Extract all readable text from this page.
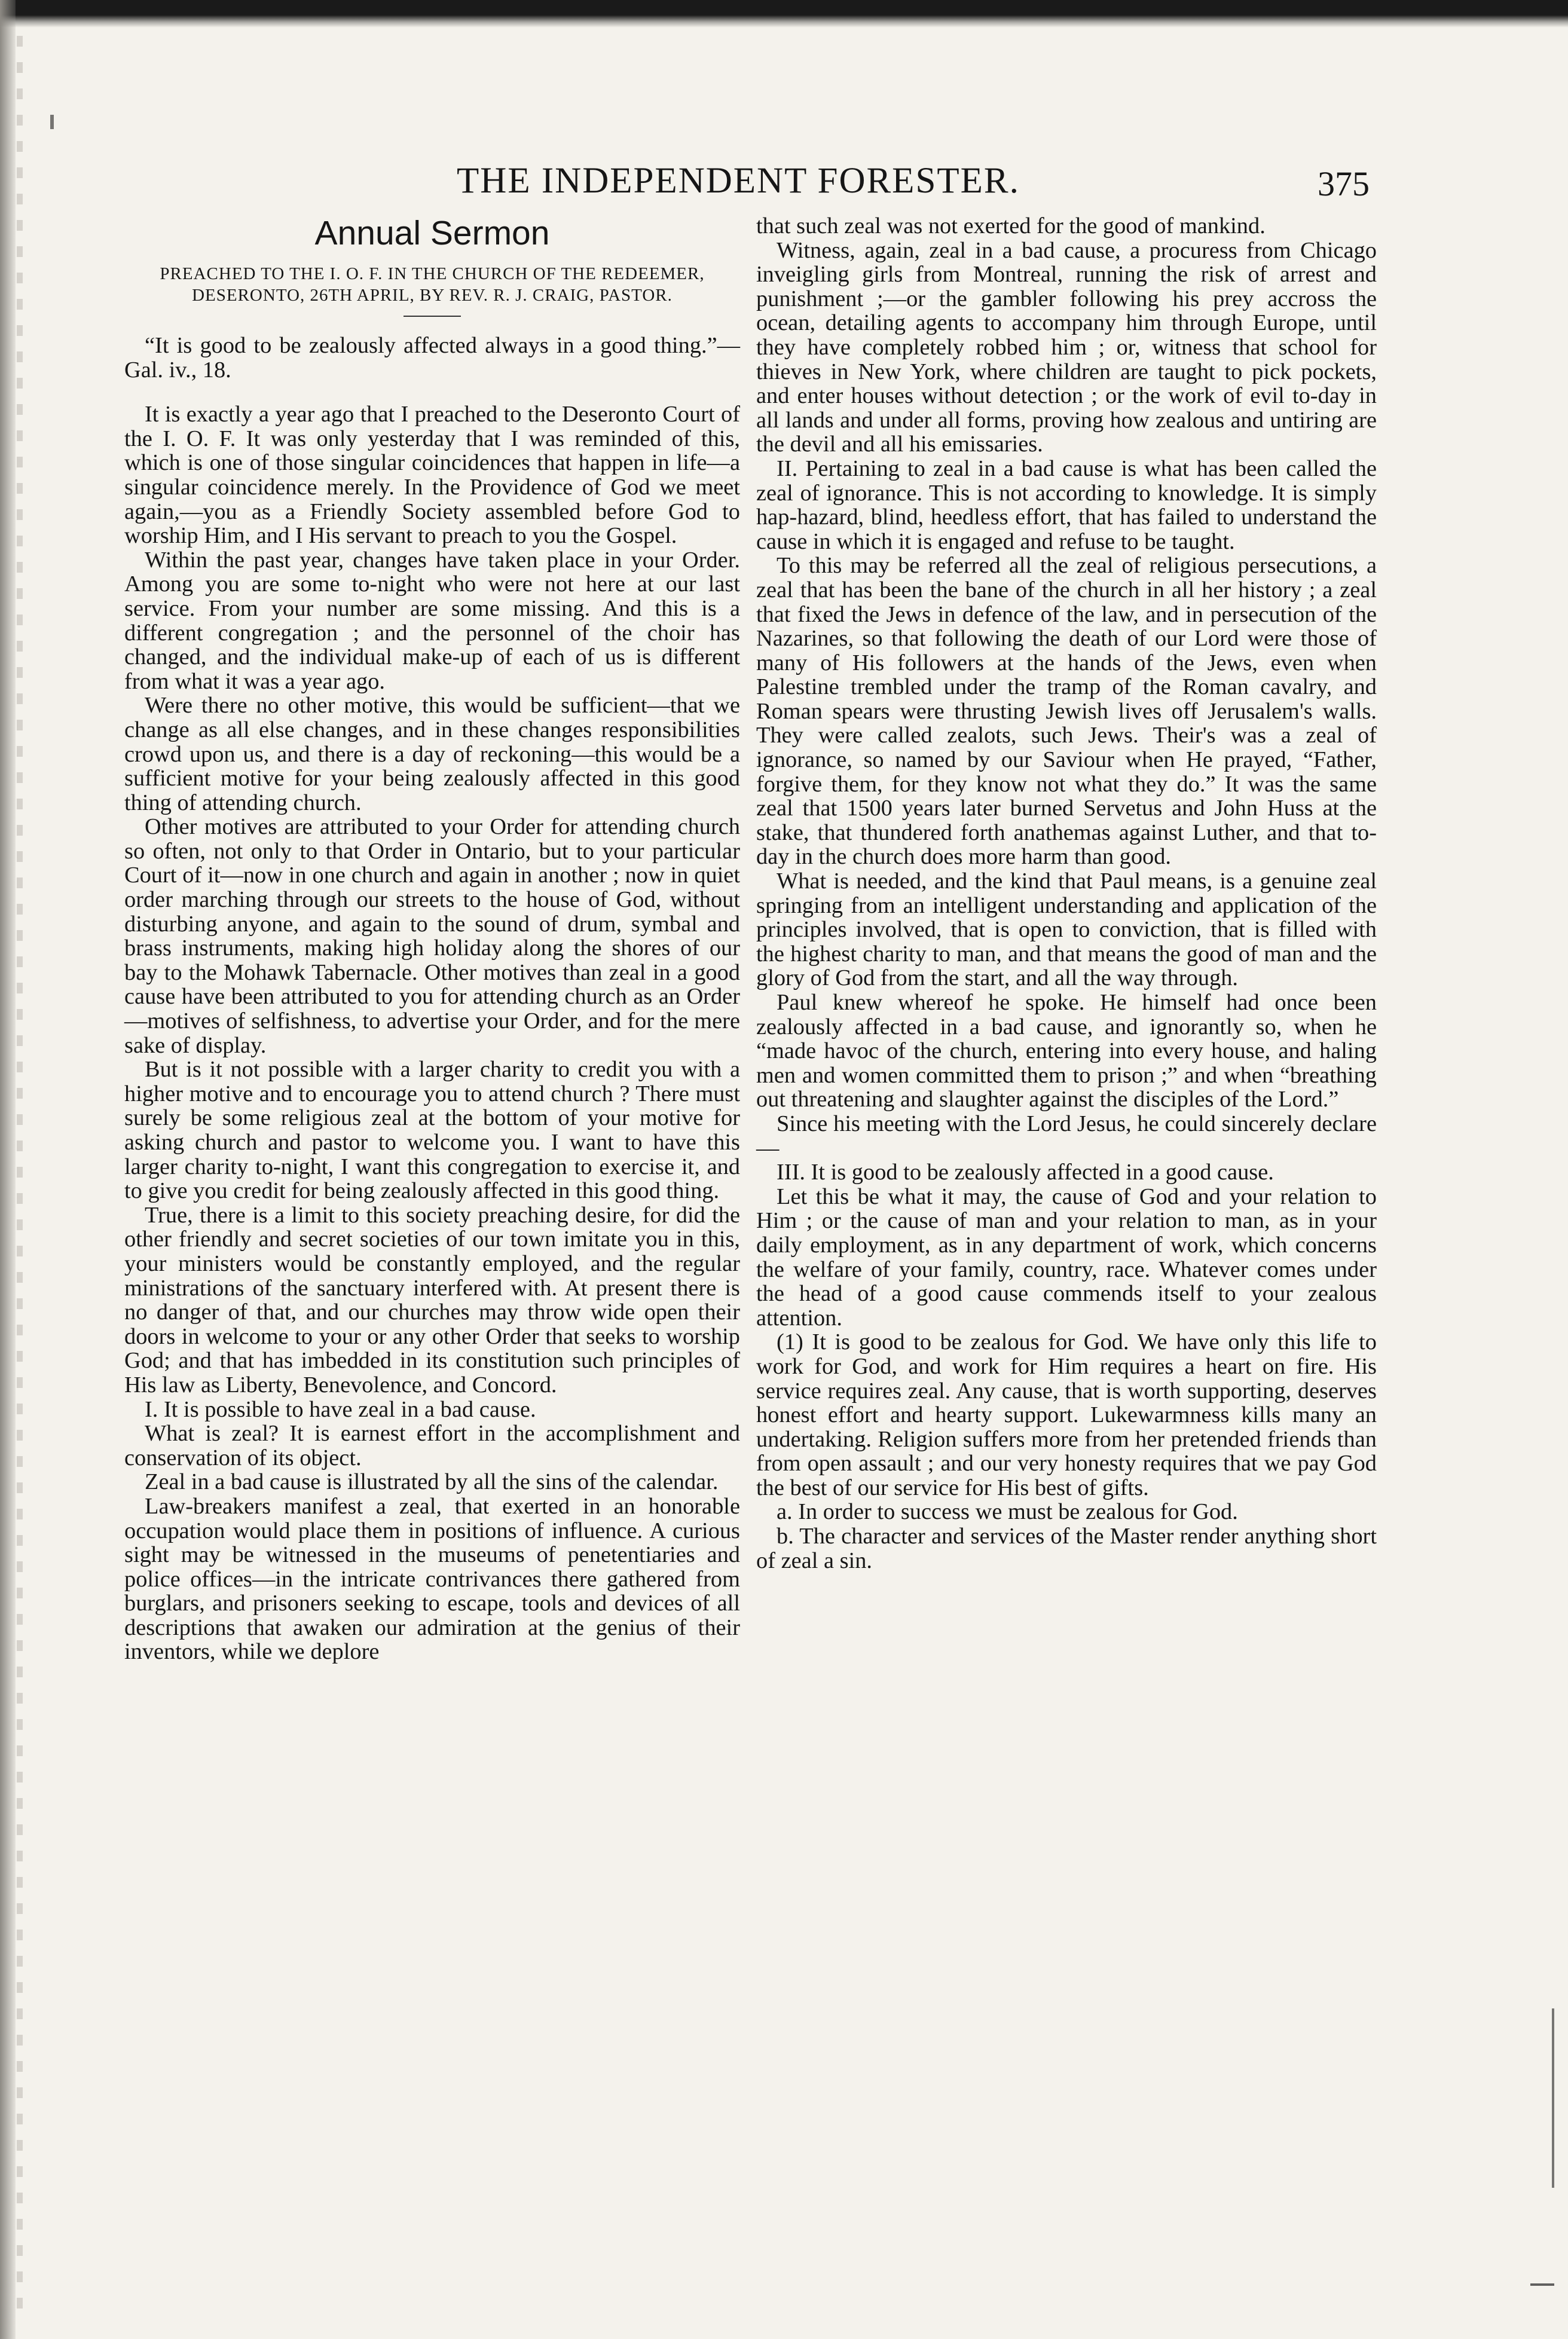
THE INDEPENDENT FORESTER.	375
Annual Sermon
PREACHED TO THE I. O. F. IN THE CHURCH OF THE REDEEMER, DESERONTO, 26TH APRIL, BY REV. R. J. CRAIG, PASTOR.

“It is good to be zealously affected always in a good thing.”—Gal. iv., 18.

It is exactly a year ago that I preached to the Deseronto Court of the I. O. F. It was only yesterday that I was reminded of this, which is one of those singular coincidences that happen in life—a singular coincidence merely. In the Providence of God we meet again,—you as a Friendly Society assembled before God to worship Him, and I His servant to preach to you the Gospel.

Within the past year, changes have taken place in your Order. Among you are some to-night who were not here at our last service. From your number are some missing. And this is a different congregation ; and the personnel of the choir has changed, and the individual make-up of each of us is different from what it was a year ago.

Were there no other motive, this would be sufficient—that we change as all else changes, and in these changes responsibilities crowd upon us, and there is a day of reckoning—this would be a sufficient motive for your being zealously affected in this good thing of attending church.

Other motives are attributed to your Order for attending church so often, not only to that Order in Ontario, but to your particular Court of it—now in one church and again in another ; now in quiet order marching through our streets to the house of God, without disturbing anyone, and again to the sound of drum, symbal and brass instruments, making high holiday along the shores of our bay to the Mohawk Tabernacle. Other motives than zeal in a good cause have been attributed to you for attending church as an Order—motives of selfishness, to advertise your Order, and for the mere sake of display.

But is it not possible with a larger charity to credit you with a higher motive and to encourage you to attend church ? There must surely be some religious zeal at the bottom of your motive for asking church and pastor to welcome you. I want to have this larger charity to-night, I want this congregation to exercise it, and to give you credit for being zealously affected in this good thing.

True, there is a limit to this society preaching desire, for did the other friendly and secret societies of our town imitate you in this, your ministers would be constantly employed, and the regular ministrations of the sanctuary interfered with. At present there is no danger of that, and our churches may throw wide open their doors in welcome to your or any other Order that seeks to worship God; and that has imbedded in its constitution such principles of His law as Liberty, Benevolence, and Concord.

I. It is possible to have zeal in a bad cause.

What is zeal? It is earnest effort in the accomplishment and conservation of its object.

Zeal in a bad cause is illustrated by all the sins of the calendar.

Law-breakers manifest a zeal, that exerted in an honorable occupation would place them in positions of influence. A curious sight may be witnessed in the museums of penetentiaries and police offices—in the intricate contrivances there gathered from burglars, and prisoners seeking to escape, tools and devices of all descriptions that awaken our admiration at the genius of their inventors, while we deplore

that such zeal was not exerted for the good of mankind.

Witness, again, zeal in a bad cause, a procuress from Chicago inveigling girls from Montreal, running the risk of arrest and punishment ;—or the gambler following his prey accross the ocean, detailing agents to accompany him through Europe, until they have completely robbed him ; or, witness that school for thieves in New York, where children are taught to pick pockets, and enter houses without detection ; or the work of evil to-day in all lands and under all forms, proving how zealous and untiring are the devil and all his emissaries.

II. Pertaining to zeal in a bad cause is what has been called the zeal of ignorance. This is not according to knowledge. It is simply hap-hazard, blind, heedless effort, that has failed to understand the cause in which it is engaged and refuse to be taught.

To this may be referred all the zeal of religious persecutions, a zeal that has been the bane of the church in all her history ; a zeal that fixed the Jews in defence of the law, and in persecution of the Nazarines, so that following the death of our Lord were those of many of His followers at the hands of the Jews, even when Palestine trembled under the tramp of the Roman cavalry, and Roman spears were thrusting Jewish lives off Jerusalem's walls. They were called zealots, such Jews. Their's was a zeal of ignorance, so named by our Saviour when He prayed, “Father, forgive them, for they know not what they do.” It was the same zeal that 1500 years later burned Servetus and John Huss at the stake, that thundered forth anathemas against Luther, and that to-day in the church does more harm than good.

What is needed, and the kind that Paul means, is a genuine zeal springing from an intelligent understanding and application of the principles involved, that is open to conviction, that is filled with the highest charity to man, and that means the good of man and the glory of God from the start, and all the way through.

Paul knew whereof he spoke. He himself had once been zealously affected in a bad cause, and ignorantly so, when he “made havoc of the church, entering into every house, and haling men and women committed them to prison ;” and when “breathing out threatening and slaughter against the disciples of the Lord.”

Since his meeting with the Lord Jesus, he could sincerely declare—

III. It is good to be zealously affected in a good cause.

Let this be what it may, the cause of God and your relation to Him ; or the cause of man and your relation to man, as in your daily employment, as in any department of work, which concerns the welfare of your family, country, race. Whatever comes under the head of a good cause commends itself to your zealous attention.

(1) It is good to be zealous for God. We have only this life to work for God, and work for Him requires a heart on fire. His service requires zeal. Any cause, that is worth supporting, deserves honest effort and hearty support. Lukewarmness kills many an undertaking. Religion suffers more from her pretended friends than from open assault ; and our very honesty requires that we pay God the best of our service for His best of gifts.

a. In order to success we must be zealous for God.

b. The character and services of the Master render anything short of zeal a sin.
